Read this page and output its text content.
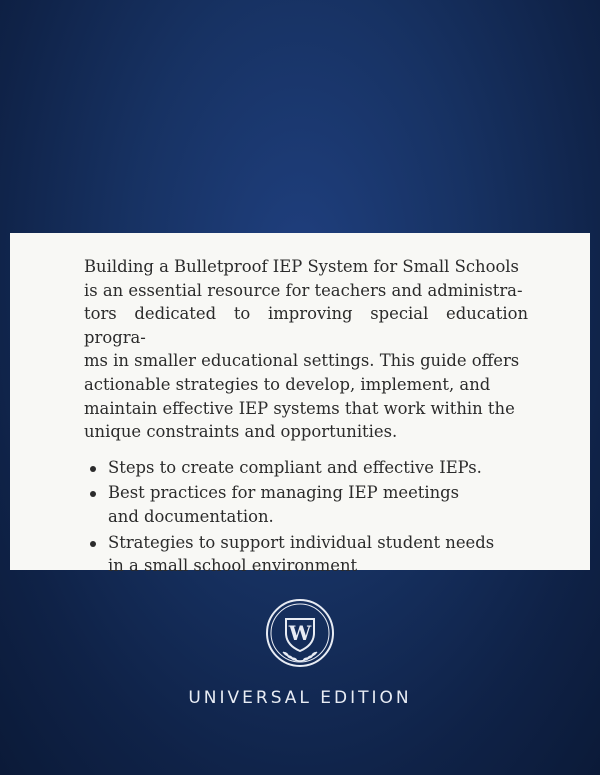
Building a Bulletproof IEP System for Small Schools
is an essential resource for teachers and administra-
tors dedicated to improving special education progra-
ms in smaller educational settings. This guide offers
actionable strategies to develop, implement, and
maintain effective IEP systems that work within the
unique constraints and opportunities.

Steps to create compliant and effective IEPs.
Best practices for managing IEP meetings
and documentation.
Strategies to support individual student needs
in a small school environment
W
UNIVERSAL EDITION
